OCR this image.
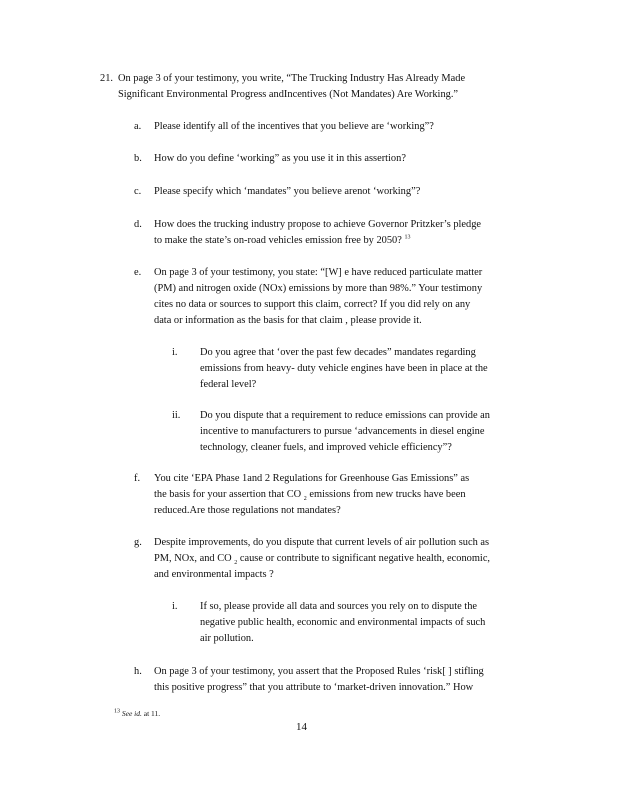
21. On page 3 of your testimony, you write, “The Trucking Industry Has Already Made

Significant Environmental Progress andIncentives (Not Mandates) Are Working.”

a. Please identify all of the incentives that you believe are ‘working”?

b. How do you define ‘working” as you use it in this assertion?

c. Please specify which ‘mandates” you believe arenot ‘working”?

d. How does the trucking industry propose to achieve Governor Pritzker’s pledge

to make the state’s on-road vehicles emission free by 2050? $^{13}$

e. On page 3 of your testimony, you state: “[W] e have reduced particulate matter

(PM) and nitrogen oxide (NOx) emissions by more than 98%.” Your testimony

cites no data or sources to support this claim, correct? If you did rely on any

data or information as the basis for that claim , please provide it.

i. Do you agree that ‘over the past few decades” mandates regarding

emissions from heavy- duty vehicle engines have been in place at the

federal level?

ii. Do you dispute that a requirement to reduce emissions can provide an

incentive to manufacturers to pursue ‘advancements in diesel engine

technology, cleaner fuels, and improved vehicle efficiency”?

f. You cite ‘EPA Phase 1and 2 Regulations for Greenhouse Gas Emissions” as

the basis for your assertion that CO $_2$ emissions from new trucks have been

reduced.Are those regulations not mandates?

g. Despite improvements, do you dispute that current levels of air pollution such as

PM, NOx, and CO $_2$ cause or contribute to significant negative health, economic,

and environmental impacts ?

i. If so, please provide all data and sources you rely on to dispute the

negative public health, economic and environmental impacts of such

air pollution.

h. On page 3 of your testimony, you assert that the Proposed Rules ‘risk[ ] stifling

this positive progress” that you attribute to ‘market-driven innovation.” How

$^{13}$ See id. at 11.
14
